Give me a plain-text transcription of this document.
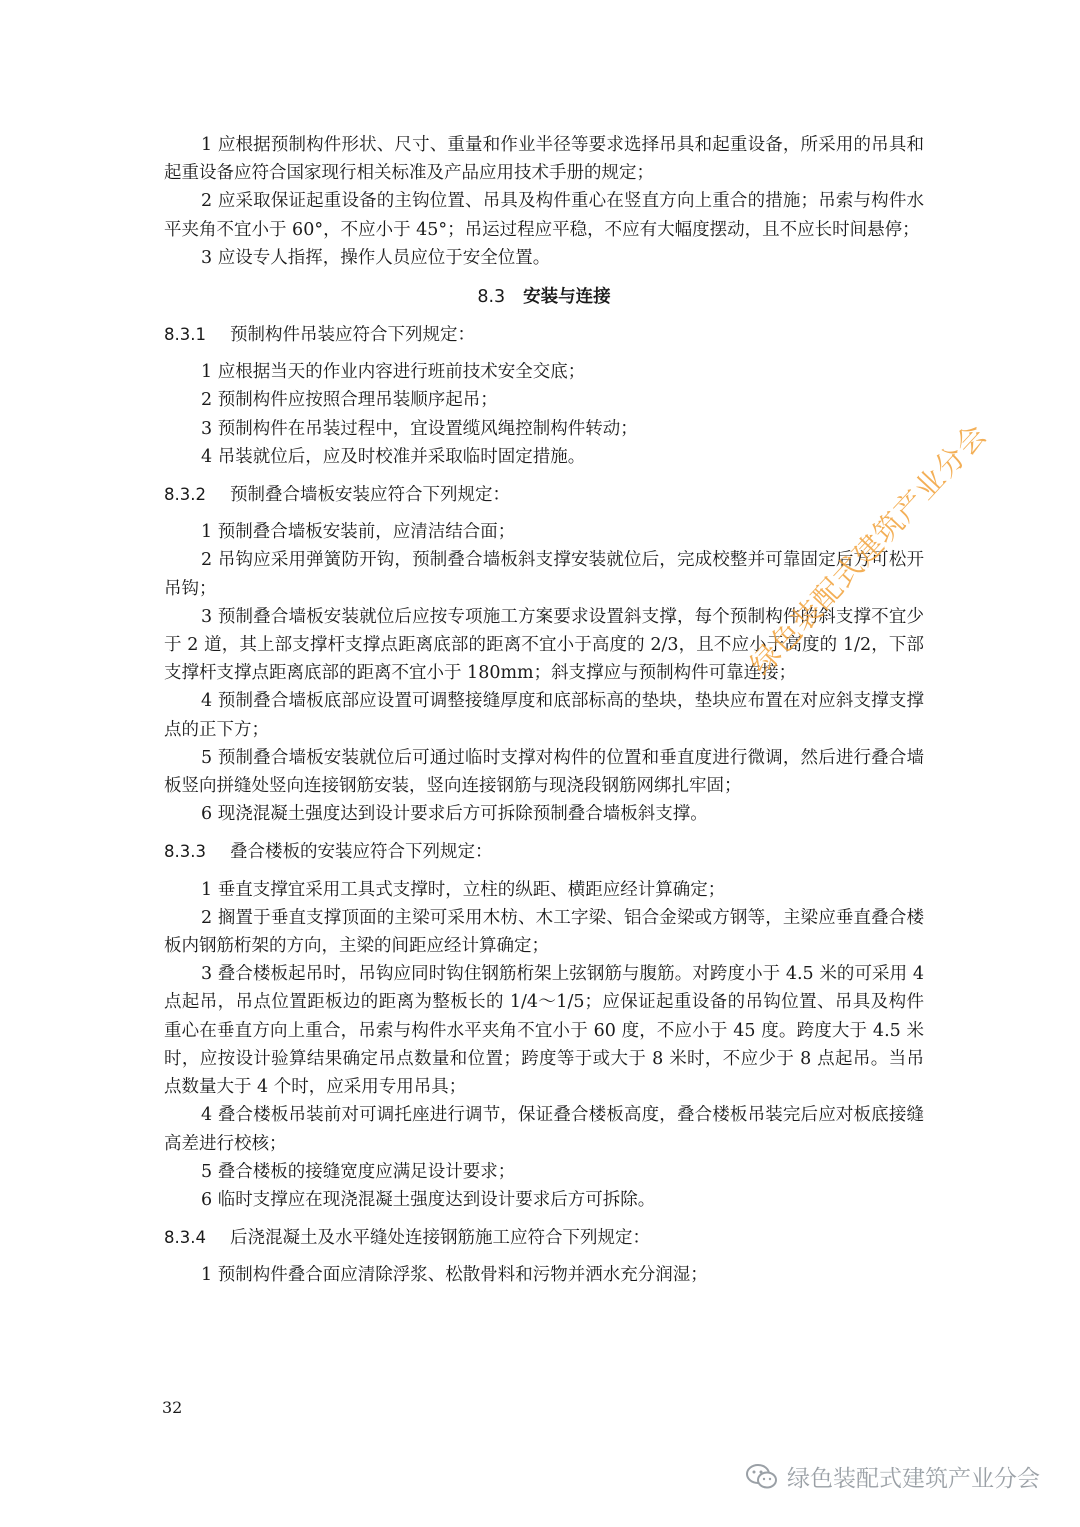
1 应根据预制构件形状、尺寸、重量和作业半径等要求选择吊具和起重设备，所采用的吊具和起重设备应符合国家现行相关标准及产品应用技术手册的规定；

2 应采取保证起重设备的主钩位置、吊具及构件重心在竖直方向上重合的措施；吊索与构件水平夹角不宜小于 60°，不应小于 45°；吊运过程应平稳，不应有大幅度摆动，且不应长时间悬停；

3 应设专人指挥，操作人员应位于安全位置。

8.3 安装与连接

8.3.1 预制构件吊装应符合下列规定：

1 应根据当天的作业内容进行班前技术安全交底；

2 预制构件应按照合理吊装顺序起吊；

3 预制构件在吊装过程中，宜设置缆风绳控制构件转动；

4 吊装就位后，应及时校准并采取临时固定措施。

8.3.2 预制叠合墙板安装应符合下列规定：

1 预制叠合墙板安装前，应清洁结合面；

2 吊钩应采用弹簧防开钩，预制叠合墙板斜支撑安装就位后，完成校整并可靠固定后方可松开吊钩；

3 预制叠合墙板安装就位后应按专项施工方案要求设置斜支撑，每个预制构件的斜支撑不宜少于 2 道，其上部支撑杆支撑点距离底部的距离不宜小于高度的 2/3，且不应小于高度的 1/2，下部支撑杆支撑点距离底部的距离不宜小于 180mm；斜支撑应与预制构件可靠连接；

4 预制叠合墙板底部应设置可调整接缝厚度和底部标高的垫块，垫块应布置在对应斜支撑支撑点的正下方；

5 预制叠合墙板安装就位后可通过临时支撑对构件的位置和垂直度进行微调，然后进行叠合墙板竖向拼缝处竖向连接钢筋安装，竖向连接钢筋与现浇段钢筋网绑扎牢固；

6 现浇混凝土强度达到设计要求后方可拆除预制叠合墙板斜支撑。

8.3.3 叠合楼板的安装应符合下列规定：

1 垂直支撑宜采用工具式支撑时，立柱的纵距、横距应经计算确定；

2 搁置于垂直支撑顶面的主梁可采用木枋、木工字梁、铝合金梁或方钢等，主梁应垂直叠合楼板内钢筋桁架的方向，主梁的间距应经计算确定；

3 叠合楼板起吊时，吊钩应同时钩住钢筋桁架上弦钢筋与腹筋。对跨度小于 4.5 米的可采用 4 点起吊，吊点位置距板边的距离为整板长的 1/4～1/5；应保证起重设备的吊钩位置、吊具及构件重心在垂直方向上重合，吊索与构件水平夹角不宜小于 60 度，不应小于 45 度。跨度大于 4.5 米时，应按设计验算结果确定吊点数量和位置；跨度等于或大于 8 米时，不应少于 8 点起吊。当吊点数量大于 4 个时，应采用专用吊具；

4 叠合楼板吊装前对可调托座进行调节，保证叠合楼板高度，叠合楼板吊装完后应对板底接缝高差进行校核；

5 叠合楼板的接缝宽度应满足设计要求；

6 临时支撑应在现浇混凝土强度达到设计要求后方可拆除。

8.3.4 后浇混凝土及水平缝处连接钢筋施工应符合下列规定：

1 预制构件叠合面应清除浮浆、松散骨料和污物并洒水充分润湿；

32
绿色装配式建筑产业分会
绿色装配式建筑产业分会
